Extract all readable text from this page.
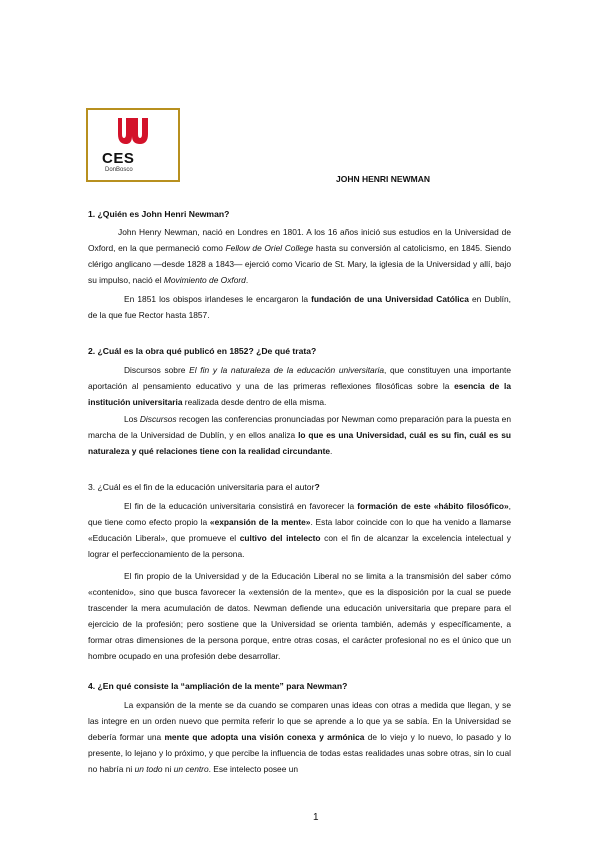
CES
DonBosco
JOHN HENRI NEWMAN
1. ¿Quién es John Henri Newman?

John Henry Newman, nació en Londres en 1801. A los 16 años inició sus estudios en la Universidad de Oxford, en la que permaneció como Fellow de Oriel College hasta su conversión al catolicismo, en 1845. Siendo clérigo anglicano —desde 1828 a 1843— ejerció como Vicario de St. Mary, la iglesia de la Universidad y allí, bajo su impulso, nació el Movimiento de Oxford.

En 1851 los obispos irlandeses le encargaron la fundación de una Universidad Católica en Dublín, de la que fue Rector hasta 1857.

2. ¿Cuál es la obra qué publicó en 1852? ¿De qué trata?

Discursos sobre El fin y la naturaleza de la educación universitaria, que constituyen una importante aportación al pensamiento educativo y una de las primeras reflexiones filosóficas sobre la esencia de la institución universitaria realizada desde dentro de ella misma.

Los Discursos recogen las conferencias pronunciadas por Newman como preparación para la puesta en marcha de la Universidad de Dublín, y en ellos analiza lo que es una Universidad, cuál es su fin, cuál es su naturaleza y qué relaciones tiene con la realidad circundante.

3. ¿Cuál es el fin de la educación universitaria para el autor?

El fin de la educación universitaria consistirá en favorecer la formación de este «hábito filosófico», que tiene como efecto propio la «expansión de la mente». Esta labor coincide con lo que ha venido a llamarse «Educación Liberal», que promueve el cultivo del intelecto con el fin de alcanzar la excelencia intelectual y lograr el perfeccionamiento de la persona.

El fin propio de la Universidad y de la Educación Liberal no se limita a la transmisión del saber cómo «contenido», sino que busca favorecer la «extensión de la mente», que es la disposición por la cual se puede trascender la mera acumulación de datos. Newman defiende una educación universitaria que prepare para el ejercicio de la profesión; pero sostiene que la Universidad se orienta también, además y específicamente, a formar otras dimensiones de la persona porque, entre otras cosas, el carácter profesional no es el único que un hombre ocupado en una profesión debe desarrollar.

4. ¿En qué consiste la “ampliación de la mente” para Newman?

La expansión de la mente se da cuando se comparen unas ideas con otras a medida que llegan, y se las integre en un orden nuevo que permita referir lo que se aprende a lo que ya se sabía. En la Universidad se debería formar una mente que adopta una visión conexa y armónica de lo viejo y lo nuevo, lo pasado y lo presente, lo lejano y lo próximo, y que percibe la influencia de todas estas realidades unas sobre otras, sin lo cual no habría ni un todo ni un centro. Ese intelecto posee un

1
